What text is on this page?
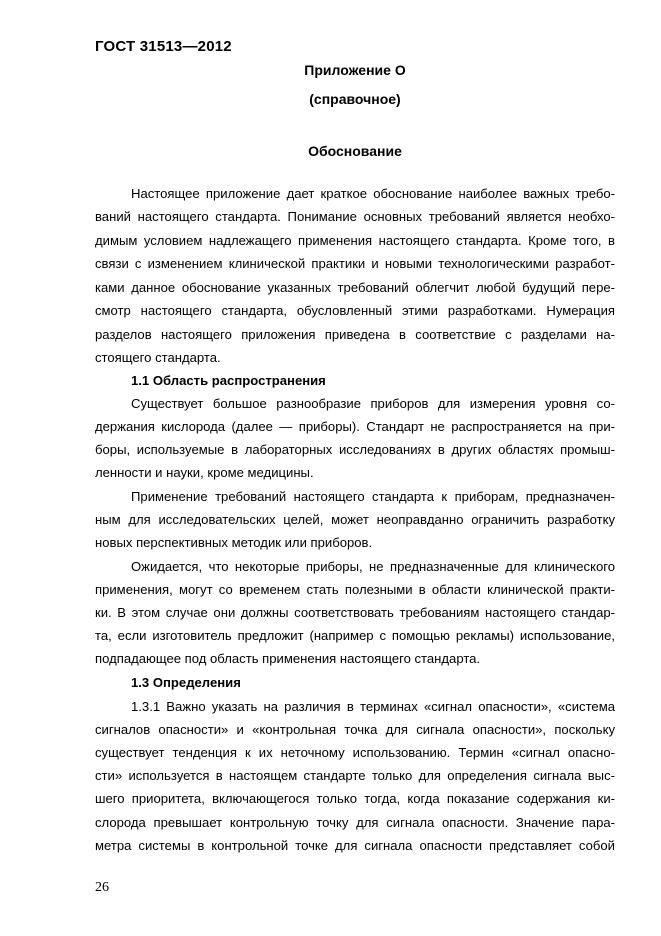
ГОСТ 31513—2012
Приложение О
(справочное)
Обоснование
Настоящее приложение дает краткое обоснование наиболее важных требо-
ваний настоящего стандарта. Понимание основных требований является необхо-
димым условием надлежащего применения настоящего стандарта. Кроме того, в
связи с изменением клинической практики и новыми технологическими разработ-
ками данное обоснование указанных требований облегчит любой будущий пере-
смотр настоящего стандарта, обусловленный этими разработками. Нумерация
разделов настоящего приложения приведена в соответствие с разделами на-
стоящего стандарта.
1.1 Область распространения
Существует большое разнообразие приборов для измерения уровня со-
держания кислорода (далее — приборы). Стандарт не распространяется на при-
боры, используемые в лабораторных исследованиях в других областях промыш-
ленности и науки, кроме медицины.
Применение требований настоящего стандарта к приборам, предназначен-
ным для исследовательских целей, может неоправданно ограничить разработку
новых перспективных методик или приборов.
Ожидается, что некоторые приборы, не предназначенные для клинического
применения, могут со временем стать полезными в области клинической практи-
ки. В этом случае они должны соответствовать требованиям настоящего стандар-
та, если изготовитель предложит (например с помощью рекламы) использование,
подпадающее под область применения настоящего стандарта.
1.3 Определения
1.3.1 Важно указать на различия в терминах «сигнал опасности», «система
сигналов опасности» и «контрольная точка для сигнала опасности», поскольку
существует тенденция к их неточному использованию. Термин «сигнал опасно-
сти» используется в настоящем стандарте только для определения сигнала выс-
шего приоритета, включающегося только тогда, когда показание содержания ки-
слорода превышает контрольную точку для сигнала опасности. Значение пара-
метра системы в контрольной точке для сигнала опасности представляет собой
26
